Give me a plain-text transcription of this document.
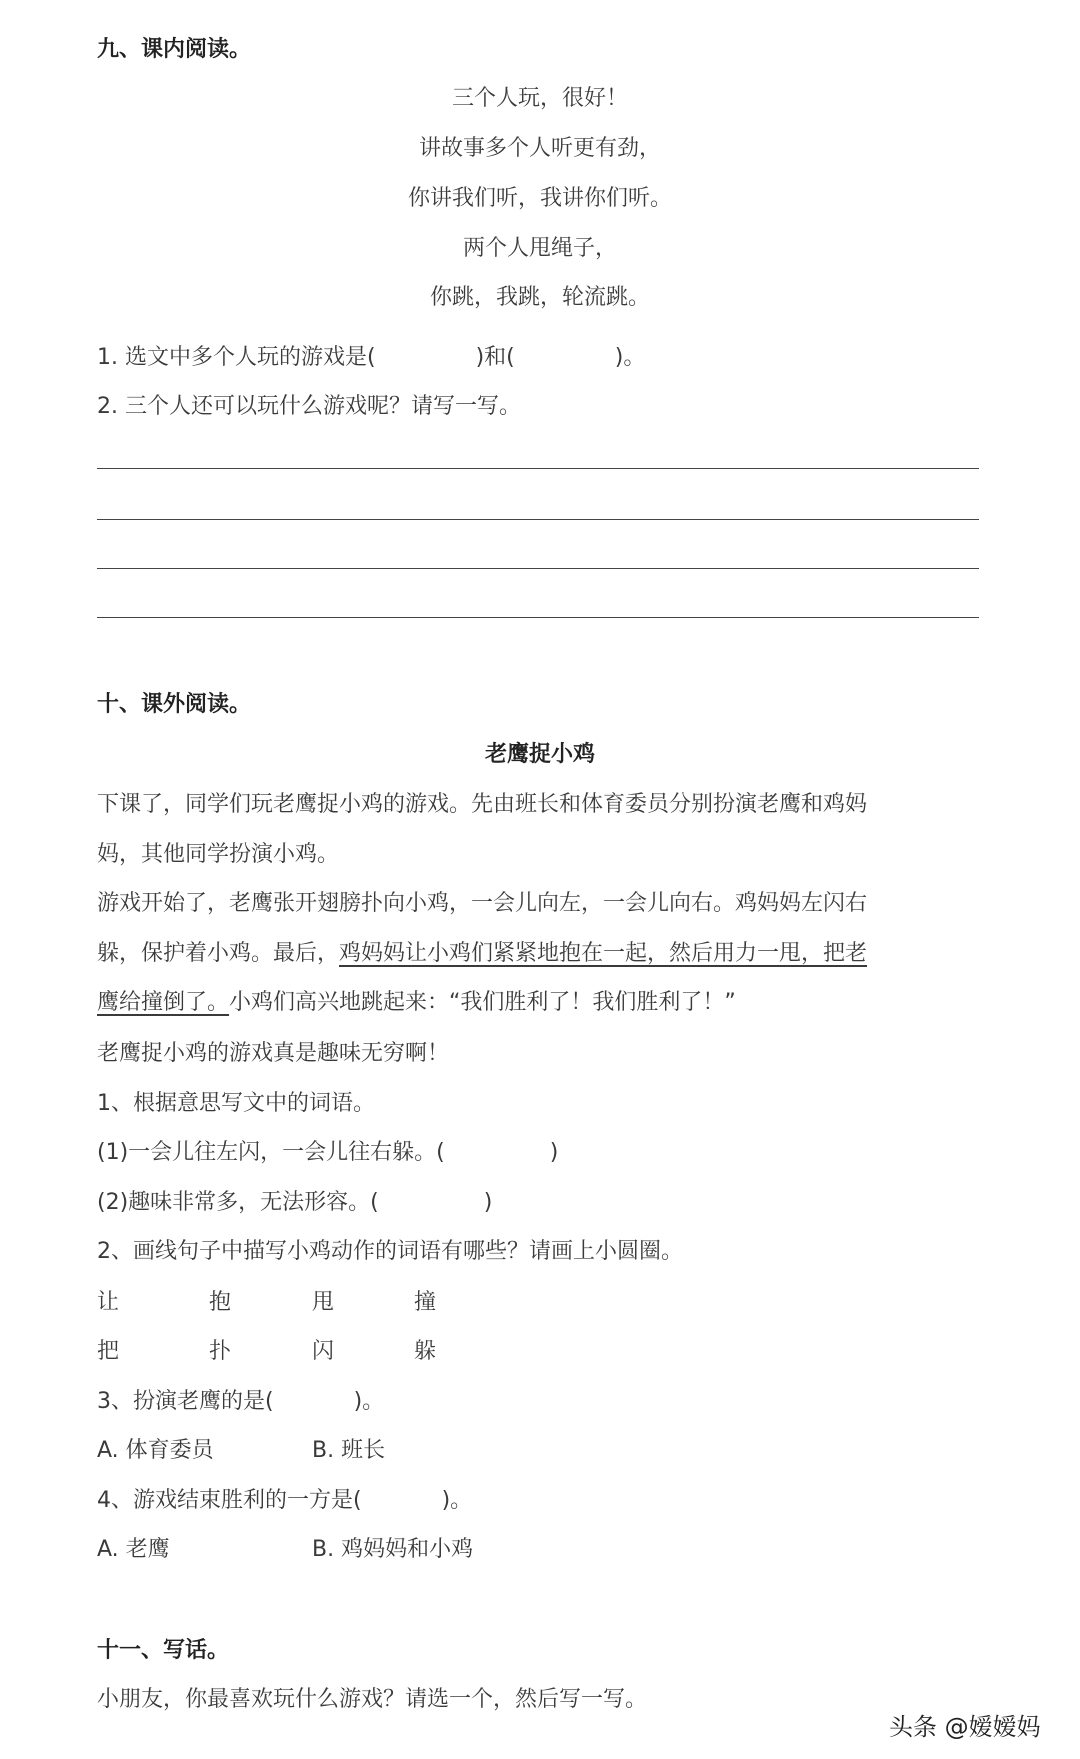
九、课内阅读。
三个人玩，很好！
讲故事多个人听更有劲，
你讲我们听，我讲你们听。
两个人甩绳子，
你跳，我跳，轮流跳。
1. 选文中多个人玩的游戏是(	)和(	)。
2. 三个人还可以玩什么游戏呢？请写一写。
十、课外阅读。
老鹰捉小鸡
下课了，同学们玩老鹰捉小鸡的游戏。先由班长和体育委员分别扮演老鹰和鸡妈
妈，其他同学扮演小鸡。
游戏开始了，老鹰张开翅膀扑向小鸡，一会儿向左，一会儿向右。鸡妈妈左闪右
躲，保护着小鸡。最后，鸡妈妈让小鸡们紧紧地抱在一起，然后用力一甩，把老
鹰给撞倒了。小鸡们高兴地跳起来：“我们胜利了！我们胜利了！”
老鹰捉小鸡的游戏真是趣味无穷啊！
1、根据意思写文中的词语。
(1)一会儿往左闪，一会儿往右躲。(	)
(2)趣味非常多，无法形容。(	)
2、画线句子中描写小鸡动作的词语有哪些？请画上小圆圈。
让	抱	甩	撞
把	扑	闪	躲
3、扮演老鹰的是(	)。
A. 体育委员	B. 班长
4、游戏结束胜利的一方是(	)。
A. 老鹰	B. 鸡妈妈和小鸡
十一、写话。
小朋友，你最喜欢玩什么游戏？请选一个，然后写一写。
头条 @嫒嫒妈
